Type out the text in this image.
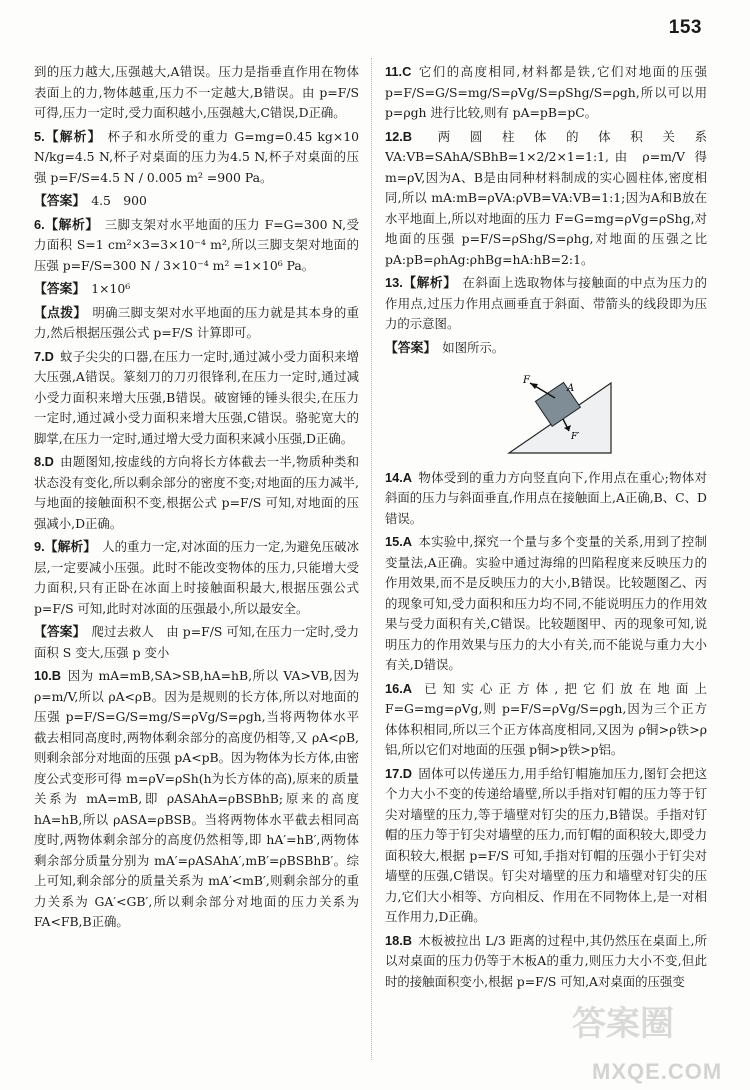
153
到的压力越大,压强越大,A错误。压力是指垂直作用在物体表面上的力,物体越重,压力不一定越大,B错误。由 p=F/S 可得,压力一定时,受力面积越小,压强越大,C错误,D正确。
5.【解析】 杯子和水所受的重力 G=mg=0.45 kg×10 N/kg=4.5 N,杯子对桌面的压力为4.5 N,杯子对桌面的压强 p=F/S=4.5 N / 0.005 m² =900 Pa。
【答案】 4.5　900
6.【解析】 三脚支架对水平地面的压力 F=G=300 N,受力面积 S=1 cm²×3=3×10⁻⁴ m²,所以三脚支架对地面的压强 p=F/S=300 N / 3×10⁻⁴ m² =1×10⁶ Pa。
【答案】 1×10⁶
【点拨】 明确三脚支架对水平地面的压力就是其本身的重力,然后根据压强公式 p=F/S 计算即可。
7.D 蚊子尖尖的口器,在压力一定时,通过减小受力面积来增大压强,A错误。篆刻刀的刀刃很锋利,在压力一定时,通过减小受力面积来增大压强,B错误。破窗锤的锤头很尖,在压力一定时,通过减小受力面积来增大压强,C错误。骆驼宽大的脚掌,在压力一定时,通过增大受力面积来减小压强,D正确。
8.D 由题图知,按虚线的方向将长方体截去一半,物质种类和状态没有变化,所以剩余部分的密度不变;对地面的压力减半,与地面的接触面积不变,根据公式 p=F/S 可知,对地面的压强减小,D正确。
9.【解析】 人的重力一定,对冰面的压力一定,为避免压破冰层,一定要减小压强。此时不能改变物体的压力,只能增大受力面积,只有正卧在冰面上时接触面积最大,根据压强公式 p=F/S 可知,此时对冰面的压强最小,所以最安全。
【答案】 爬过去救人　由 p=F/S 可知,在压力一定时,受力面积 S 变大,压强 p 变小
10.B 因为 mA=mB,SA>SB,hA=hB,所以 VA>VB,因为 ρ=m/V,所以 ρA<ρB。因为是规则的长方体,所以对地面的压强 p=F/S=G/S=mg/S=ρVg/S=ρgh,当将两物体水平截去相同高度时,两物体剩余部分的高度仍相等,又 ρA<ρB,则剩余部分对地面的压强 pA<pB。因为物体为长方体,由密度公式变形可得 m=ρV=ρSh(h为长方体的高),原来的质量关系为 mA=mB,即 ρASAhA=ρBSBhB;原来的高度 hA=hB,所以 ρASA=ρBSB。当将两物体水平截去相同高度时,两物体剩余部分的高度仍然相等,即 hA′=hB′,两物体剩余部分质量分别为 mA′=ρASAhA′,mB′=ρBSBhB′。综上可知,剩余部分的质量关系为 mA′<mB′,则剩余部分的重力关系为 GA′<GB′,所以剩余部分对地面的压力关系为 FA<FB,B正确。
11.C 它们的高度相同,材料都是铁,它们对地面的压强 p=F/S=G/S=mg/S=ρVg/S=ρShg/S=ρgh,所以可以用 p=ρgh 进行比较,则有 pA=pB=pC。
12.B 两圆柱体的体积关系 VA:VB=SAhA/SBhB=1×2/2×1=1:1,由 ρ=m/V 得 m=ρV,因为A、B是由同种材料制成的实心圆柱体,密度相同,所以 mA:mB=ρVA:ρVB=VA:VB=1:1;因为A和B放在水平地面上,所以对地面的压力 F=G=mg=ρVg=ρShg,对地面的压强 p=F/S=ρShg/S=ρhg,对地面的压强之比 pA:pB=ρhAg:ρhBg=hA:hB=2:1。
13.【解析】 在斜面上选取物体与接触面的中点为压力的作用点,过压力作用点画垂直于斜面、带箭头的线段即为压力的示意图。
【答案】 如图所示。
F
A
F′
14.A 物体受到的重力方向竖直向下,作用点在重心;物体对斜面的压力与斜面垂直,作用点在接触面上,A正确,B、C、D错误。
15.A 本实验中,探究一个量与多个变量的关系,用到了控制变量法,A正确。实验中通过海绵的凹陷程度来反映压力的作用效果,而不是反映压力的大小,B错误。比较题图乙、丙的现象可知,受力面积和压力均不同,不能说明压力的作用效果与受力面积有关,C错误。比较题图甲、丙的现象可知,说明压力的作用效果与压力的大小有关,而不能说与重力大小有关,D错误。
16.A 已知实心正方体,把它们放在地面上 F=G=mg=ρVg,则 p=F/S=ρVg/S=ρgh,因为三个正方体体积相同,所以三个正方体高度相同,又因为 ρ铜>ρ铁>ρ铝,所以它们对地面的压强 p铜>p铁>p铝。
17.D 固体可以传递压力,用手给钉帽施加压力,图钉会把这个力大小不变的传递给墙壁,所以手指对钉帽的压力等于钉尖对墙壁的压力,等于墙壁对钉尖的压力,B错误。手指对钉帽的压力等于钉尖对墙壁的压力,而钉帽的面积较大,即受力面积较大,根据 p=F/S 可知,手指对钉帽的压强小于钉尖对墙壁的压强,C错误。钉尖对墙壁的压力和墙壁对钉尖的压力,它们大小相等、方向相反、作用在不同物体上,是一对相互作用力,D正确。
18.B 木板被拉出 L/3 距离的过程中,其仍然压在桌面上,所以对桌面的压力仍等于木板A的重力,则压力大小不变,但此时的接触面积变小,根据 p=F/S 可知,A对桌面的压强变
答案圈
MXQE.COM
